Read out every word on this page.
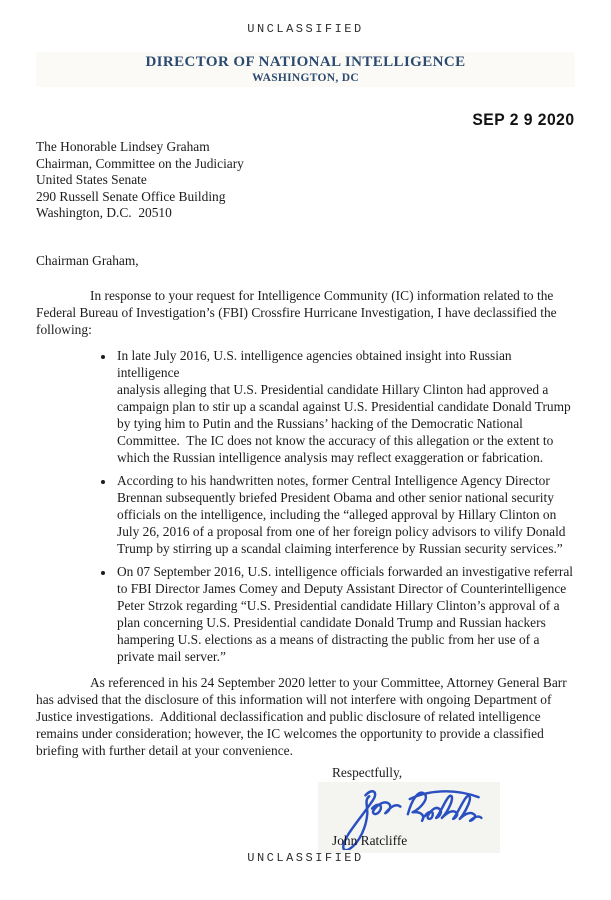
UNCLASSIFIED
DIRECTOR OF NATIONAL INTELLIGENCE
WASHINGTON, DC
SEP 2 9 2020
The Honorable Lindsey Graham
Chairman, Committee on the Judiciary
United States Senate
290 Russell Senate Office Building
Washington, D.C.  20510
Chairman Graham,
In response to your request for Intelligence Community (IC) information related to the
Federal Bureau of Investigation’s (FBI) Crossfire Hurricane Investigation, I have declassified the
following:
• In late July 2016, U.S. intelligence agencies obtained insight into Russian intelligence
analysis alleging that U.S. Presidential candidate Hillary Clinton had approved a
campaign plan to stir up a scandal against U.S. Presidential candidate Donald Trump
by tying him to Putin and the Russians’ hacking of the Democratic National
Committee.  The IC does not know the accuracy of this allegation or the extent to
which the Russian intelligence analysis may reflect exaggeration or fabrication.
• According to his handwritten notes, former Central Intelligence Agency Director
Brennan subsequently briefed President Obama and other senior national security
officials on the intelligence, including the “alleged approval by Hillary Clinton on
July 26, 2016 of a proposal from one of her foreign policy advisors to vilify Donald
Trump by stirring up a scandal claiming interference by Russian security services.”
• On 07 September 2016, U.S. intelligence officials forwarded an investigative referral
to FBI Director James Comey and Deputy Assistant Director of Counterintelligence
Peter Strzok regarding “U.S. Presidential candidate Hillary Clinton’s approval of a
plan concerning U.S. Presidential candidate Donald Trump and Russian hackers
hampering U.S. elections as a means of distracting the public from her use of a
private mail server.”
As referenced in his 24 September 2020 letter to your Committee, Attorney General Barr
has advised that the disclosure of this information will not interfere with ongoing Department of
Justice investigations.  Additional declassification and public disclosure of related intelligence
remains under consideration; however, the IC welcomes the opportunity to provide a classified
briefing with further detail at your convenience.
Respectfully,
John Ratcliffe
UNCLASSIFIED
